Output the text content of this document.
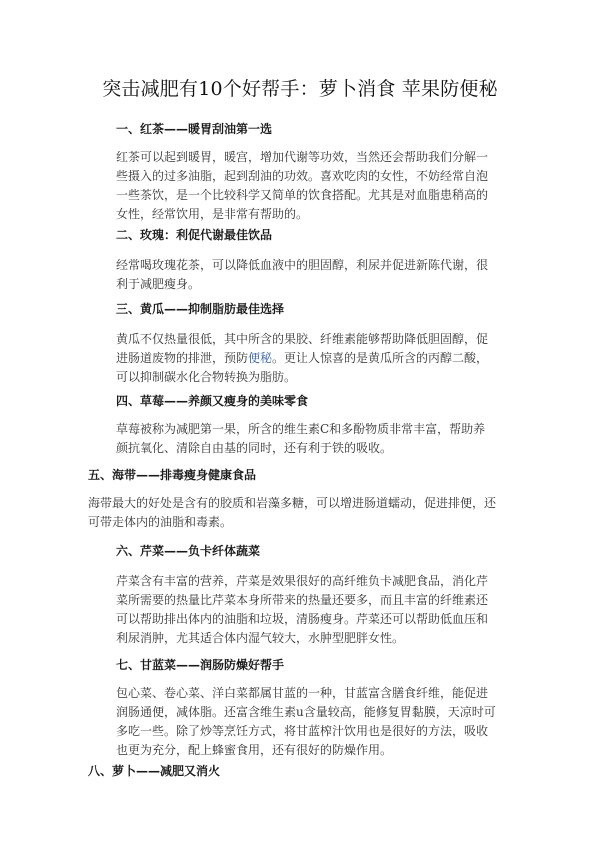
突击减肥有10个好帮手：萝卜消食 苹果防便秘
一、红茶——暖胃刮油第一选

红茶可以起到暖胃，暖宫，增加代谢等功效，当然还会帮助我们分解一些摄入的过多油脂，起到刮油的功效。喜欢吃肉的女性，不妨经常自泡一些茶饮，是一个比较科学又简单的饮食搭配。尤其是对血脂患稍高的女性，经常饮用，是非常有帮助的。

二、玫瑰：利促代谢最佳饮品

经常喝玫瑰花茶，可以降低血液中的胆固醇，利尿并促进新陈代谢，很利于减肥瘦身。

三、黄瓜——抑制脂肪最佳选择

黄瓜不仅热量很低，其中所含的果胶、纤维素能够帮助降低胆固醇，促进肠道废物的排泄，预防便秘。更让人惊喜的是黄瓜所含的丙醇二酸，可以抑制碳水化合物转换为脂肪。

四、草莓——养颜又瘦身的美味零食

草莓被称为减肥第一果，所含的维生素C和多酚物质非常丰富，帮助养颜抗氧化、清除自由基的同时，还有利于铁的吸收。

五、海带——排毒瘦身健康食品

海带最大的好处是含有的胶质和岩藻多糖，可以增进肠道蠕动，促进排便，还可带走体内的油脂和毒素。

六、芹菜——负卡纤体蔬菜

芹菜含有丰富的营养，芹菜是效果很好的高纤维负卡减肥食品，消化芹菜所需要的热量比芹菜本身所带来的热量还要多，而且丰富的纤维素还可以帮助排出体内的油脂和垃圾，清肠瘦身。芹菜还可以帮助低血压和利尿消肿，尤其适合体内湿气较大，水肿型肥胖女性。

七、甘蓝菜——润肠防燥好帮手

包心菜、卷心菜、洋白菜都属甘蓝的一种，甘蓝富含膳食纤维，能促进润肠通便，减体脂。还富含维生素u含量较高，能修复胃黏膜，天凉时可多吃一些。除了炒等烹饪方式，将甘蓝榨汁饮用也是很好的方法，吸收也更为充分，配上蜂蜜食用，还有很好的防燥作用。

八、萝卜——减肥又消火
